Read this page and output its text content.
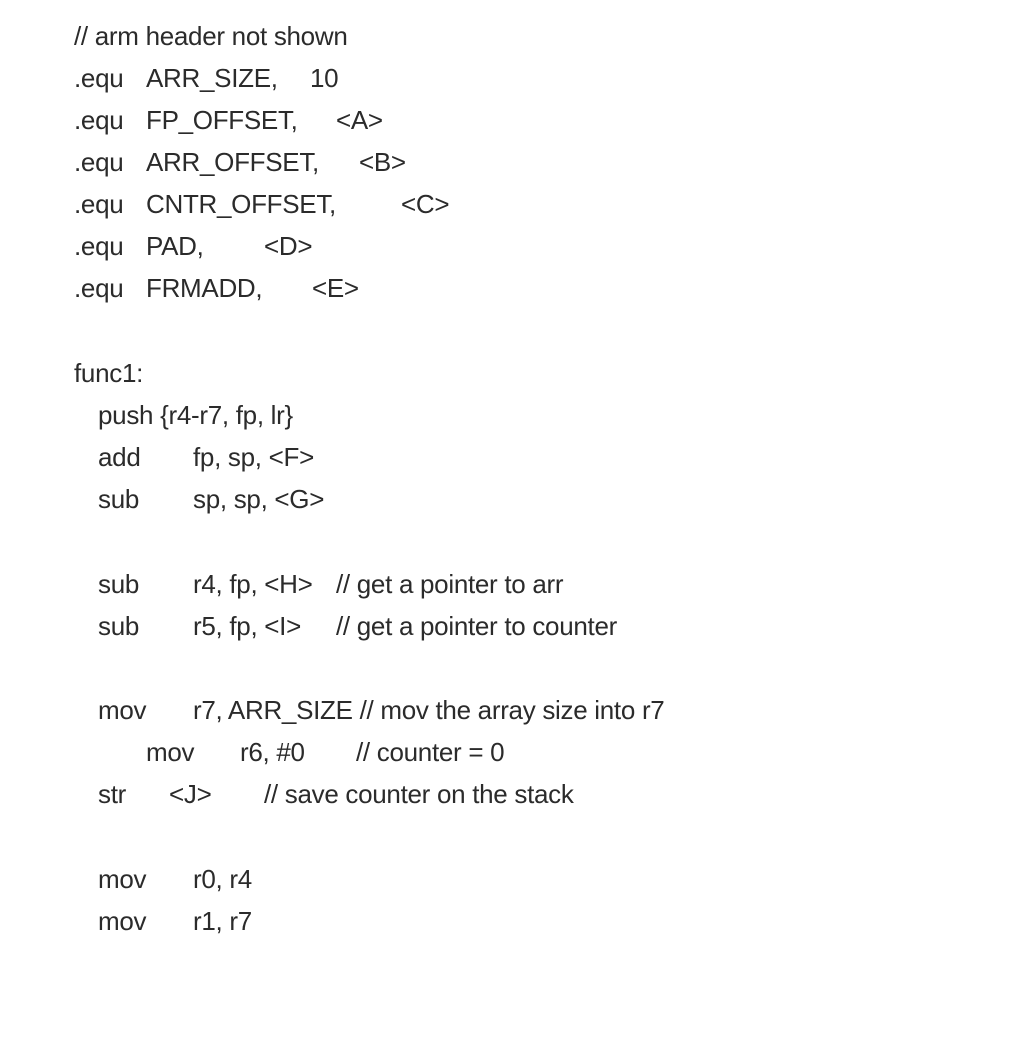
// arm header not shown

.equ

ARR_SIZE,

10

.equ

FP_OFFSET,

<A>

.equ

ARR_OFFSET,

<B>

.equ

CNTR_OFFSET,

	<C>

.equ

PAD,

<D>

.equ

FRMADD,

<E>

func1:

push {r4-r7, fp, lr}

add

fp, sp, <F>

sub

sp, sp, <G>

sub

r4, fp, <H>

// get a pointer to arr

sub

r5, fp, <I>

// get a pointer to counter

mov

r7, ARR_SIZE // mov the array size into r7

mov

r6, #0

// counter = 0

str

<J>

// save counter on the stack

mov

r0, r4

mov

r1, r7
